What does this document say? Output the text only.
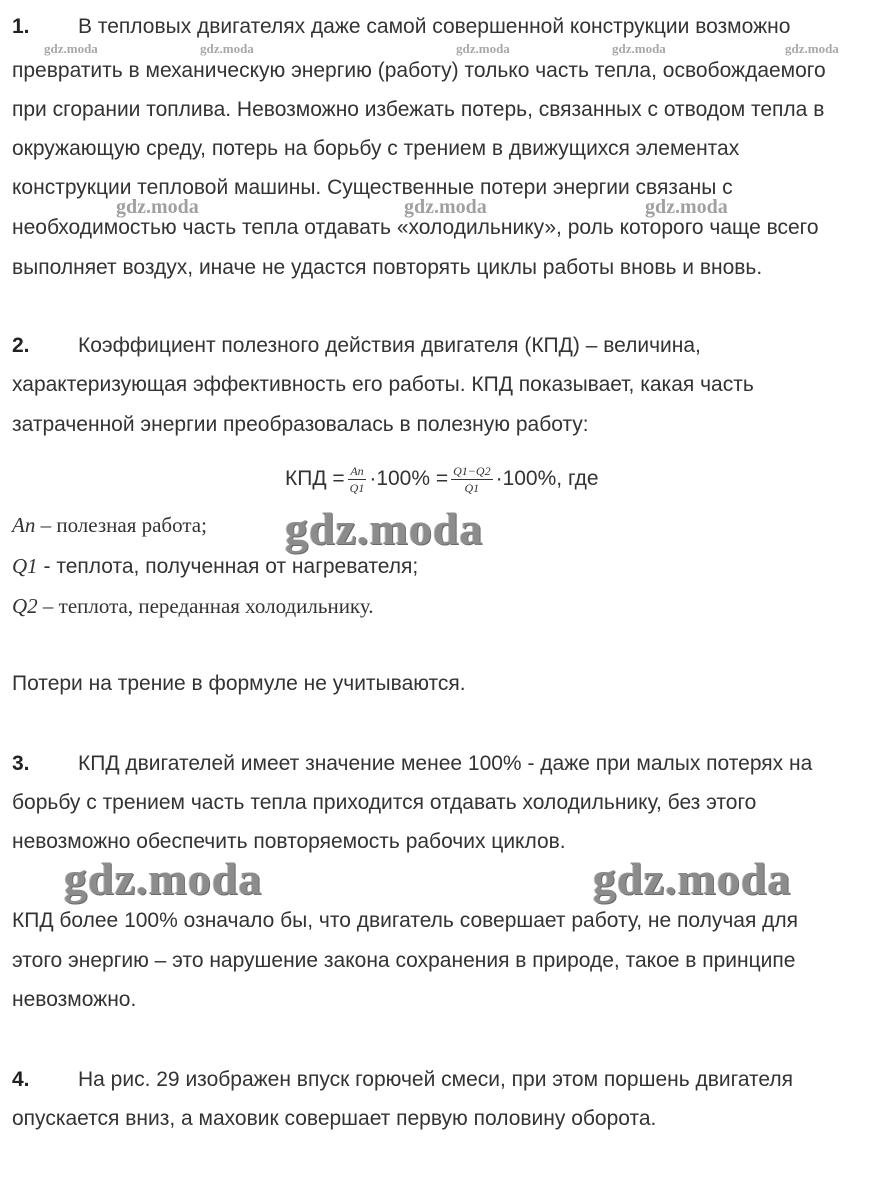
1. В тепловых двигателях даже самой совершенной конструкции возможно
превратить в механическую энергию (работу) только часть тепла, освобождаемого
при сгорании топлива. Невозможно избежать потерь, связанных с отводом тепла в
окружающую среду, потерь на борьбу с трением в движущихся элементах
конструкции тепловой машины. Существенные потери энергии связаны с
необходимостью часть тепла отдавать «холодильнику», роль которого чаще всего
выполняет воздух, иначе не удастся повторять циклы работы вновь и вновь.
2. Коэффициент полезного действия двигателя (КПД) – величина,
характеризующая эффективность его работы. КПД показывает, какая часть
затраченной энергии преобразовалась в полезную работу:
КПД = $\frac{Aп}{Q1} \cdot 100\% = \frac{Q1-Q2}{Q1} \cdot 100\%$, где
Aп – полезная работа;
Q1 - теплота, полученная от нагревателя;
Q2 – теплота, переданная холодильнику.
Потери на трение в формуле не учитываются.
3. КПД двигателей имеет значение менее 100% - даже при малых потерях на
борьбу с трением часть тепла приходится отдавать холодильнику, без этого
невозможно обеспечить повторяемость рабочих циклов.
КПД более 100% означало бы, что двигатель совершает работу, не получая для
этого энергию – это нарушение закона сохранения в природе, такое в принципе
невозможно.
4. На рис. 29 изображен впуск горючей смеси, при этом поршень двигателя
опускается вниз, а маховик совершает первую половину оборота.
gdz.moda	gdz.moda	gdz.moda	gdz.moda	gdz.moda
gdz.moda	gdz.moda	gdz.moda
gdz.moda
gdz.moda	gdz.moda
